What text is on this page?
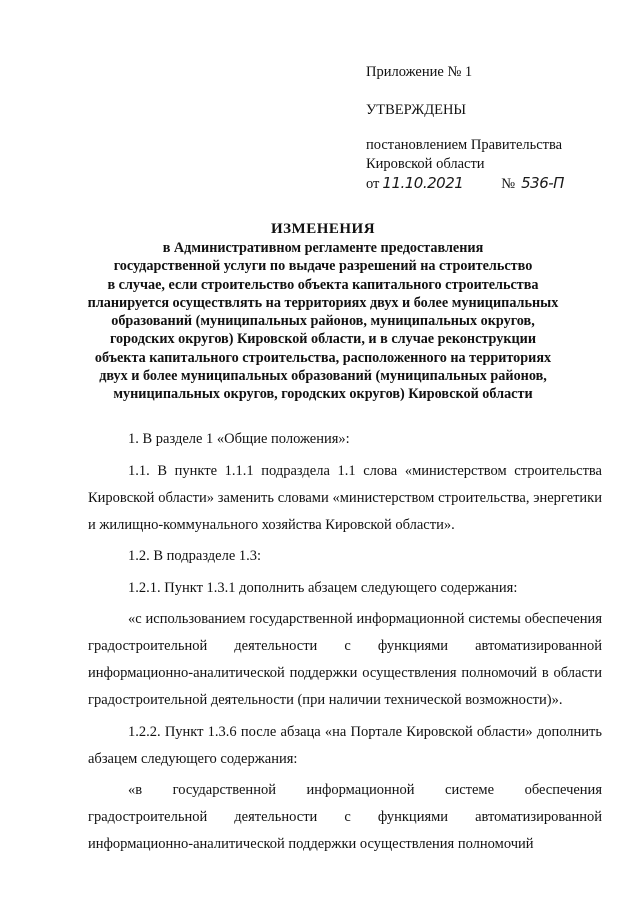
Приложение № 1
УТВЕРЖДЕНЫ
постановлением Правительства
Кировской области
от 11.10.2021	№ 536-П
ИЗМЕНЕНИЯ
в Административном регламенте предоставления
государственной услуги по выдаче разрешений на строительство
в случае, если строительство объекта капитального строительства
планируется осуществлять на территориях двух и более муниципальных
образований (муниципальных районов, муниципальных округов,
городских округов) Кировской области, и в случае реконструкции
объекта капитального строительства, расположенного на территориях
двух и более муниципальных образований (муниципальных районов,
муниципальных округов, городских округов) Кировской области

1. В разделе 1 «Общие положения»:

1.1. В пункте 1.1.1 подраздела 1.1 слова «министерством строительства Кировской области» заменить словами «министерством строительства, энергетики и жилищно-коммунального хозяйства Кировской области».

1.2. В подразделе 1.3:

1.2.1. Пункт 1.3.1 дополнить абзацем следующего содержания:

«с использованием государственной информационной системы обеспечения градостроительной деятельности с функциями автоматизированной информационно-аналитической поддержки осуществления полномочий в области градостроительной деятельности (при наличии технической возможности)».

1.2.2. Пункт 1.3.6 после абзаца «на Портале Кировской области» дополнить абзацем следующего содержания:

«в государственной информационной системе обеспечения градостроительной деятельности с функциями автоматизированной информационно-аналитической поддержки осуществления полномочий
